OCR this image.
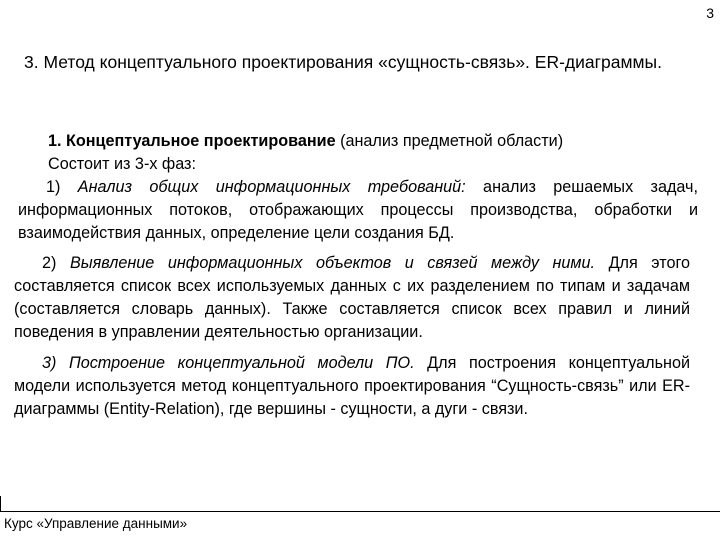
3
3. Метод концептуального проектирования «сущность-связь». ER-диаграммы.
1. Концептуальное проектирование (анализ предметной области)
Состоит из 3-х фаз:
1) Анализ общих информационных требований: анализ решаемых задач, информационных потоков, отображающих процессы производства, обработки и взаимодействия данных, определение цели создания БД.

2) Выявление информационных объектов и связей между ними. Для этого составляется список всех используемых данных с их разделением по типам и задачам (составляется словарь данных). Также составляется список всех правил и линий поведения в управлении деятельностью организации.

3) Построение концептуальной модели ПО. Для построения концептуальной модели используется метод концептуального проектирования “Сущность-связь” или ER-диаграммы (Entity-Relation), где вершины - сущности, а дуги - связи.

Курс «Управление данными»
